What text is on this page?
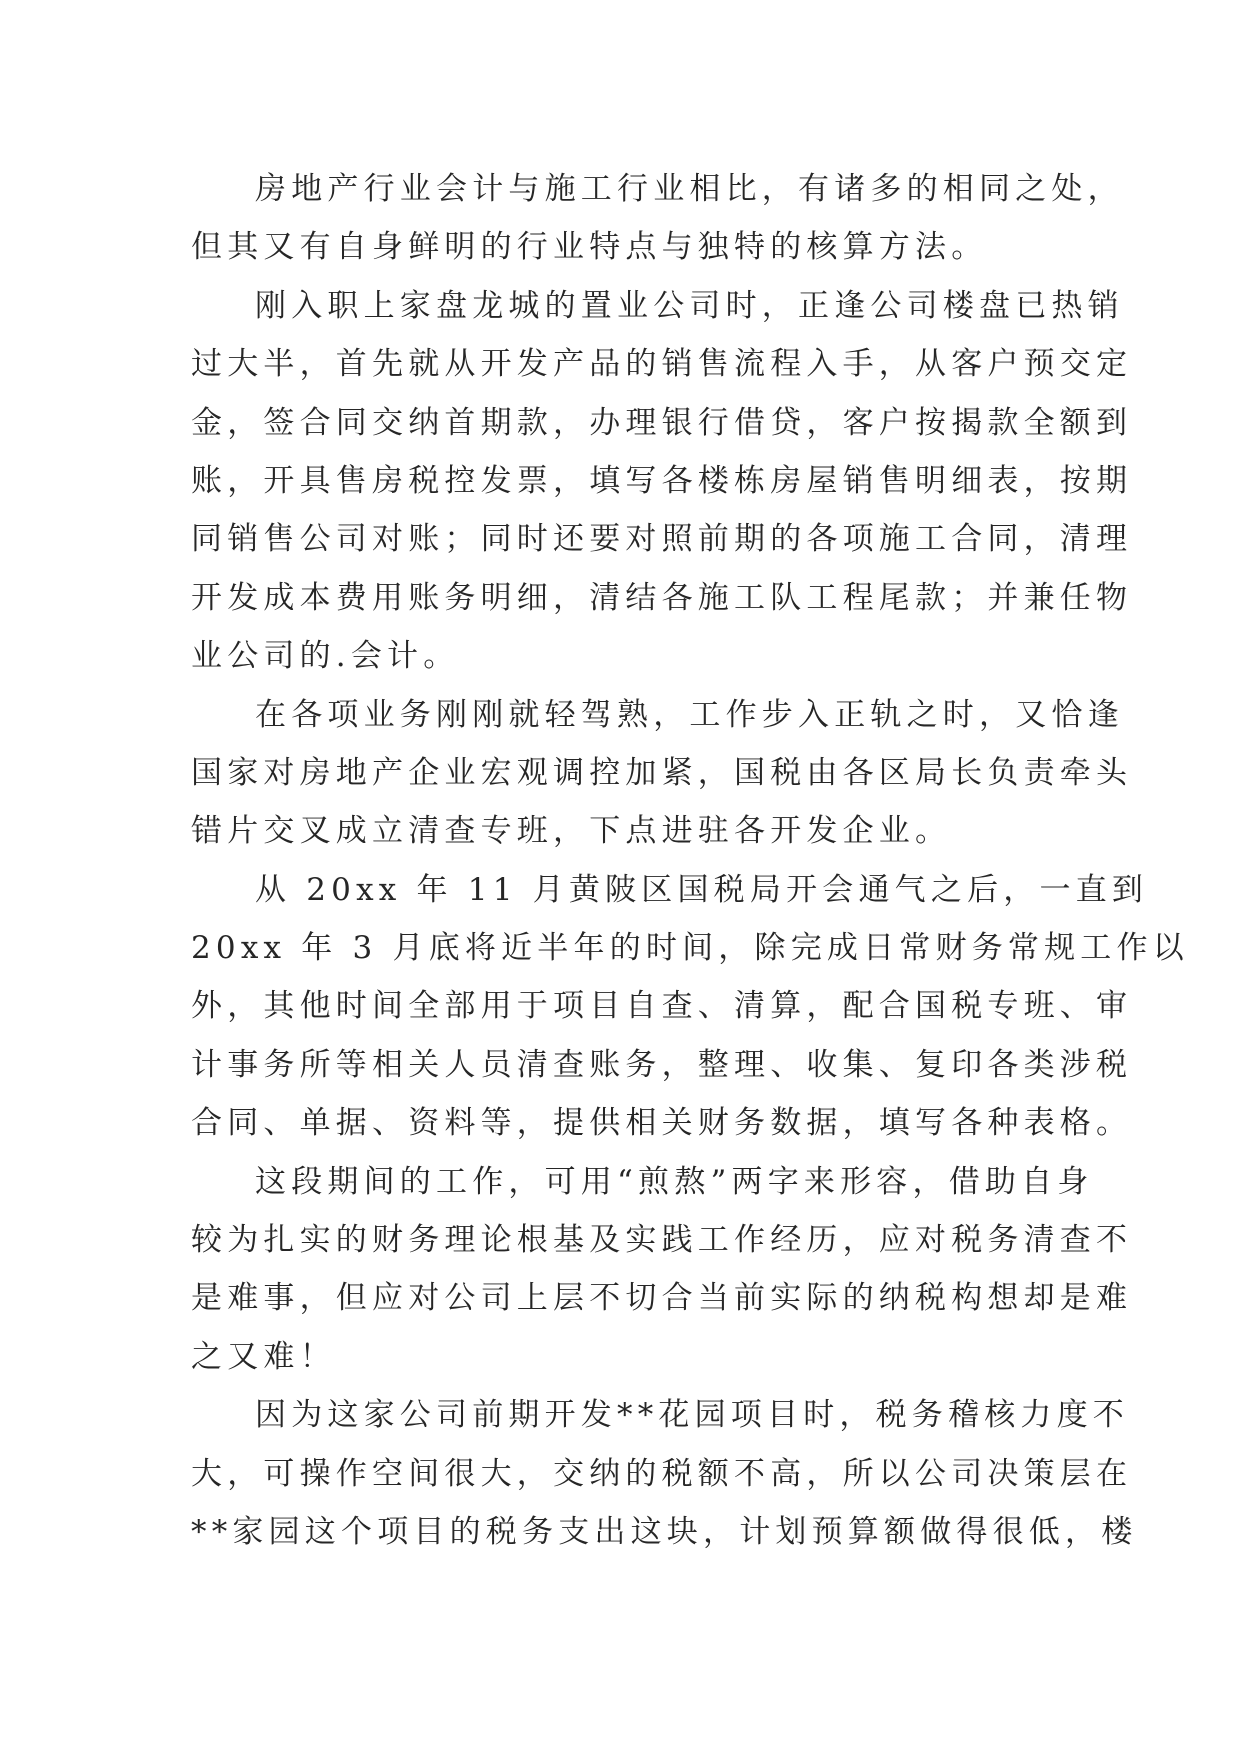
房地产行业会计与施工行业相比，有诸多的相同之处，
但其又有自身鲜明的行业特点与独特的核算方法。
刚入职上家盘龙城的置业公司时，正逢公司楼盘已热销
过大半，首先就从开发产品的销售流程入手，从客户预交定
金，签合同交纳首期款，办理银行借贷，客户按揭款全额到
账，开具售房税控发票，填写各楼栋房屋销售明细表，按期
同销售公司对账；同时还要对照前期的各项施工合同，清理
开发成本费用账务明细，清结各施工队工程尾款；并兼任物
业公司的.会计。
在各项业务刚刚就轻驾熟，工作步入正轨之时，又恰逢
国家对房地产企业宏观调控加紧，国税由各区局长负责牵头
错片交叉成立清查专班，下点进驻各开发企业。
从 20xx 年 11 月黄陂区国税局开会通气之后，一直到
20xx 年 3 月底将近半年的时间，除完成日常财务常规工作以
外，其他时间全部用于项目自查、清算，配合国税专班、审
计事务所等相关人员清查账务，整理、收集、复印各类涉税
合同、单据、资料等，提供相关财务数据，填写各种表格。
这段期间的工作，可用“煎熬”两字来形容，借助自身
较为扎实的财务理论根基及实践工作经历，应对税务清查不
是难事，但应对公司上层不切合当前实际的纳税构想却是难
之又难！
因为这家公司前期开发**花园项目时，税务稽核力度不
大，可操作空间很大，交纳的税额不高，所以公司决策层在
**家园这个项目的税务支出这块，计划预算额做得很低，楼
